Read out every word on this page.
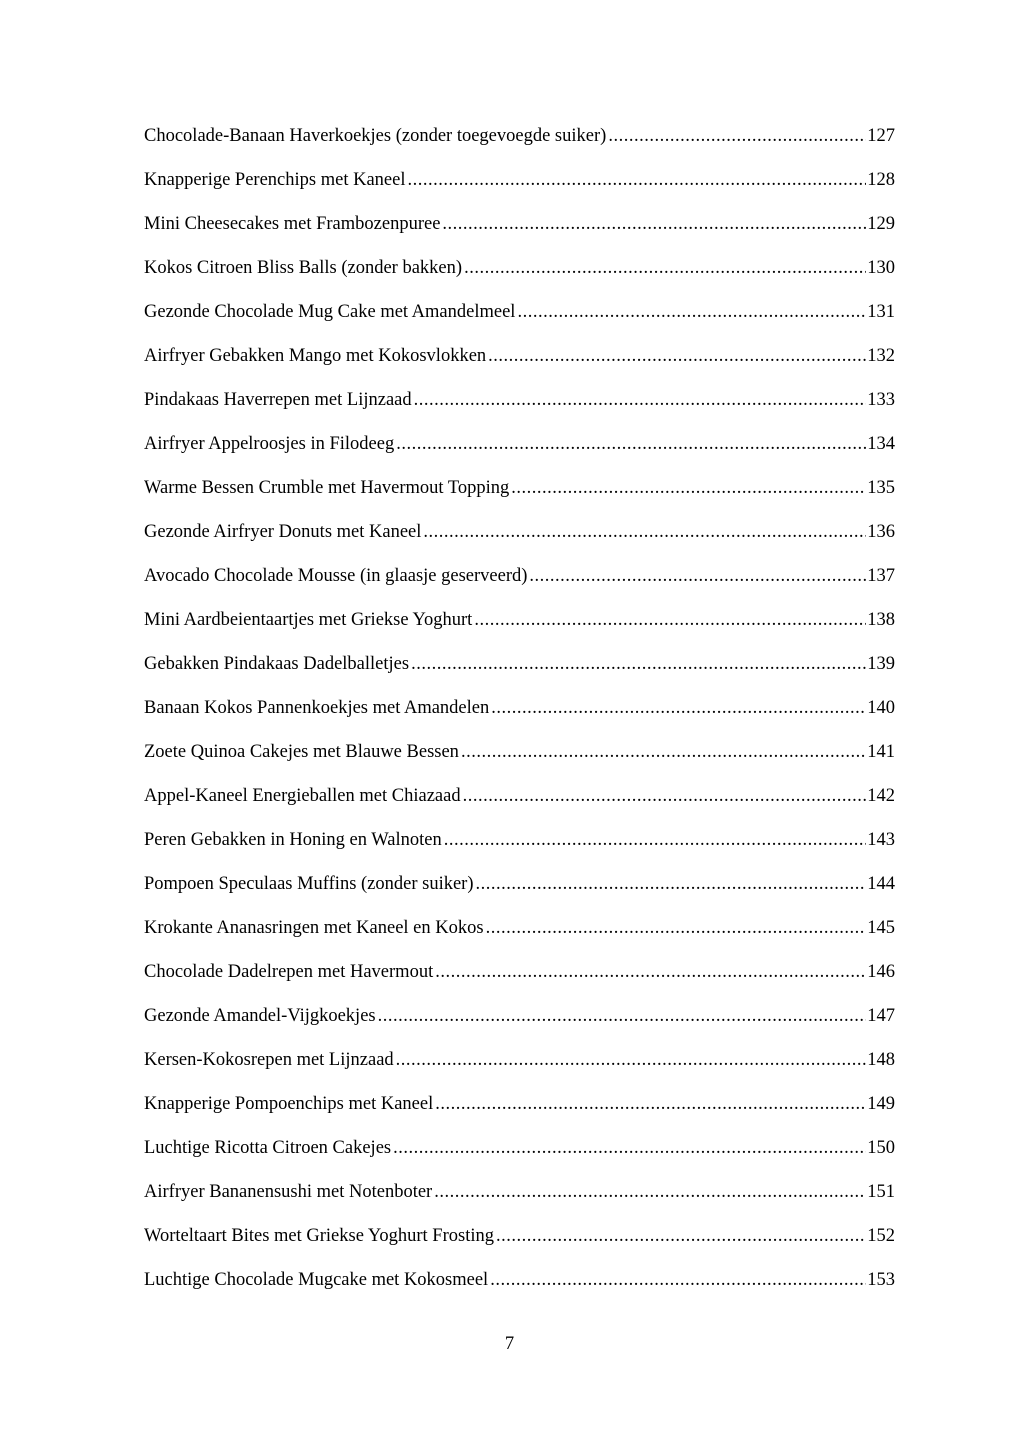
Chocolade-Banaan Haverkoekjes (zonder toegevoegde suiker) .....	127
Knapperige Perenchips met Kaneel .....	128
Mini Cheesecakes met Frambozenpuree .....	129
Kokos Citroen Bliss Balls (zonder bakken) .....	130
Gezonde Chocolade Mug Cake met Amandelmeel .....	131
Airfryer Gebakken Mango met Kokosvlokken .....	132
Pindakaas Haverrepen met Lijnzaad .....	133
Airfryer Appelroosjes in Filodeeg .....	134
Warme Bessen Crumble met Havermout Topping .....	135
Gezonde Airfryer Donuts met Kaneel .....	136
Avocado Chocolade Mousse (in glaasje geserveerd) .....	137
Mini Aardbeientaartjes met Griekse Yoghurt .....	138
Gebakken Pindakaas Dadelballetjes .....	139
Banaan Kokos Pannenkoekjes met Amandelen .....	140
Zoete Quinoa Cakejes met Blauwe Bessen .....	141
Appel-Kaneel Energieballen met Chiazaad .....	142
Peren Gebakken in Honing en Walnoten .....	143
Pompoen Speculaas Muffins (zonder suiker) .....	144
Krokante Ananasringen met Kaneel en Kokos .....	145
Chocolade Dadelrepen met Havermout .....	146
Gezonde Amandel-Vijgkoekjes .....	147
Kersen-Kokosrepen met Lijnzaad .....	148
Knapperige Pompoenchips met Kaneel .....	149
Luchtige Ricotta Citroen Cakejes .....	150
Airfryer Bananensushi met Notenboter .....	151
Worteltaart Bites met Griekse Yoghurt Frosting .....	152
Luchtige Chocolade Mugcake met Kokosmeel .....	153
7
